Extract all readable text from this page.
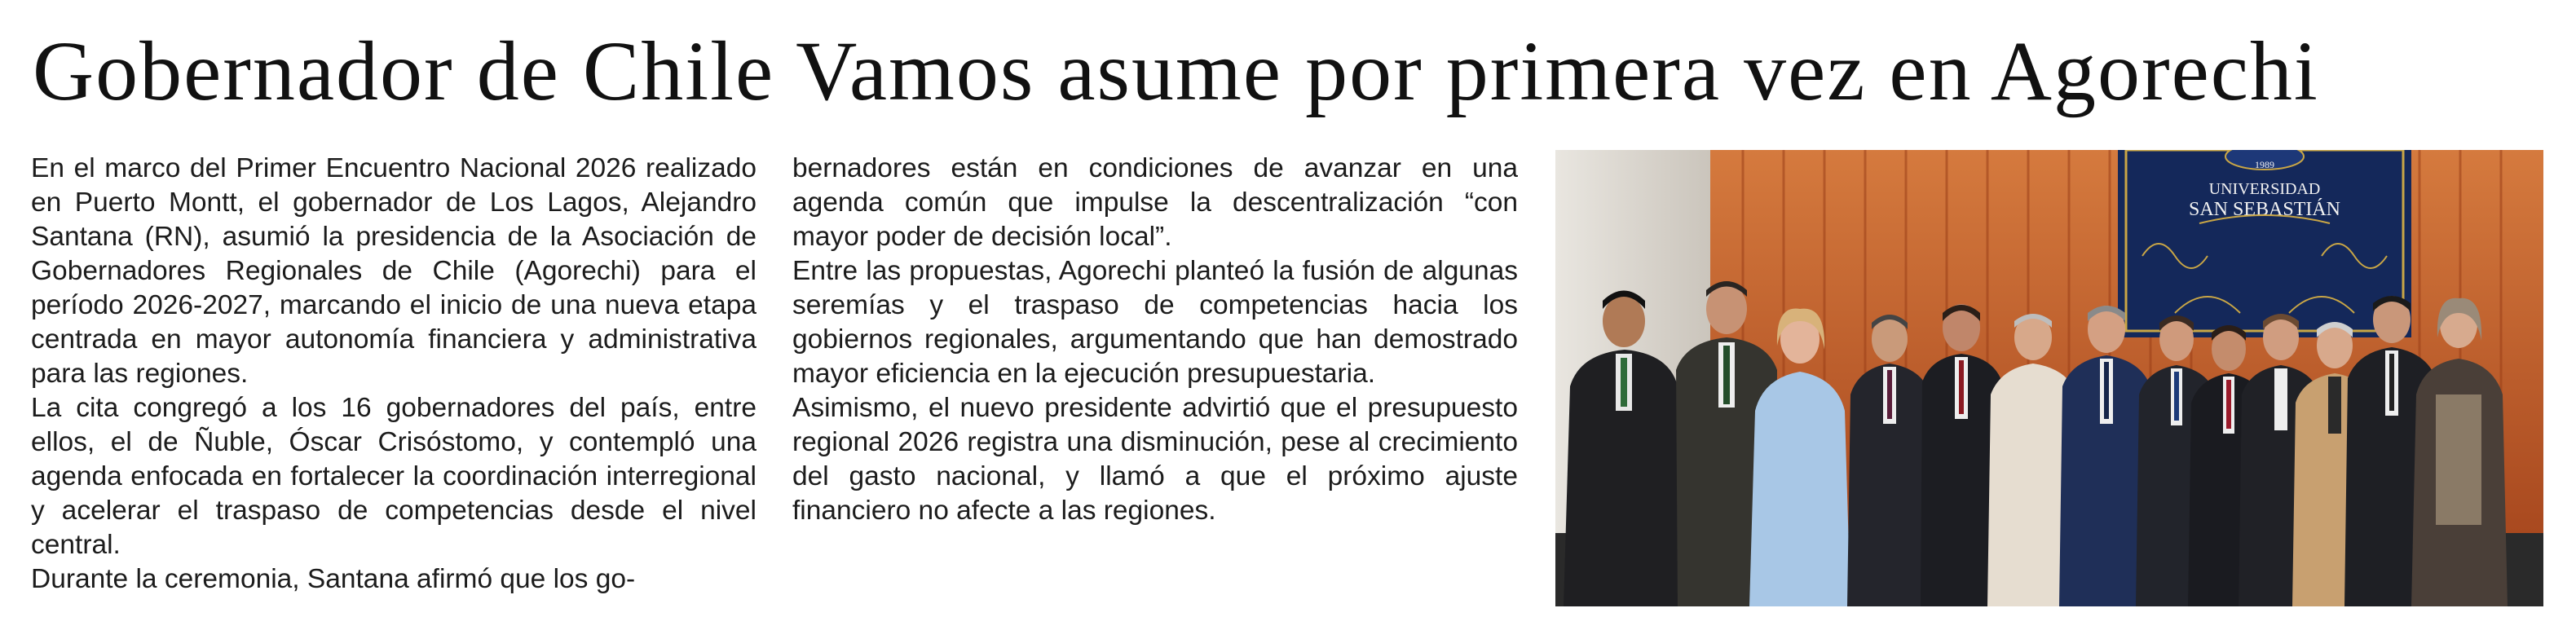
Gobernador de Chile Vamos asume por primera vez en Agorechi

En el marco del Primer Encuentro Nacional 2026 realizado en Puerto Montt, el gobernador de Los Lagos, Alejandro Santana (RN), asumió la presidencia de la Asociación de Gobernadores Regionales de Chile (Agorechi) para el período 2026-2027, marcando el inicio de una nueva etapa centrada en mayor autonomía financiera y administrativa para las regiones.

La cita congregó a los 16 gobernadores del país, entre ellos, el de Ñuble, Óscar Crisóstomo, y contempló una agenda enfocada en fortalecer la coordinación interregional y acelerar el traspaso de competencias desde el nivel central.

Durante la ceremonia, Santana afirmó que los go-

bernadores están en condiciones de avanzar en una agenda común que impulse la descentralización “con mayor poder de decisión local”.

Entre las propuestas, Agorechi planteó la fusión de algunas seremías y el traspaso de competencias hacia los gobiernos regionales, argumentando que han demostrado mayor eficiencia en la ejecución presupuestaria.

Asimismo, el nuevo presidente advirtió que el presupuesto regional 2026 registra una disminución, pese al crecimiento del gasto nacional, y llamó a que el próximo ajuste financiero no afecte a las regiones.

1989
UNIVERSIDAD
SAN SEBASTIÁN
